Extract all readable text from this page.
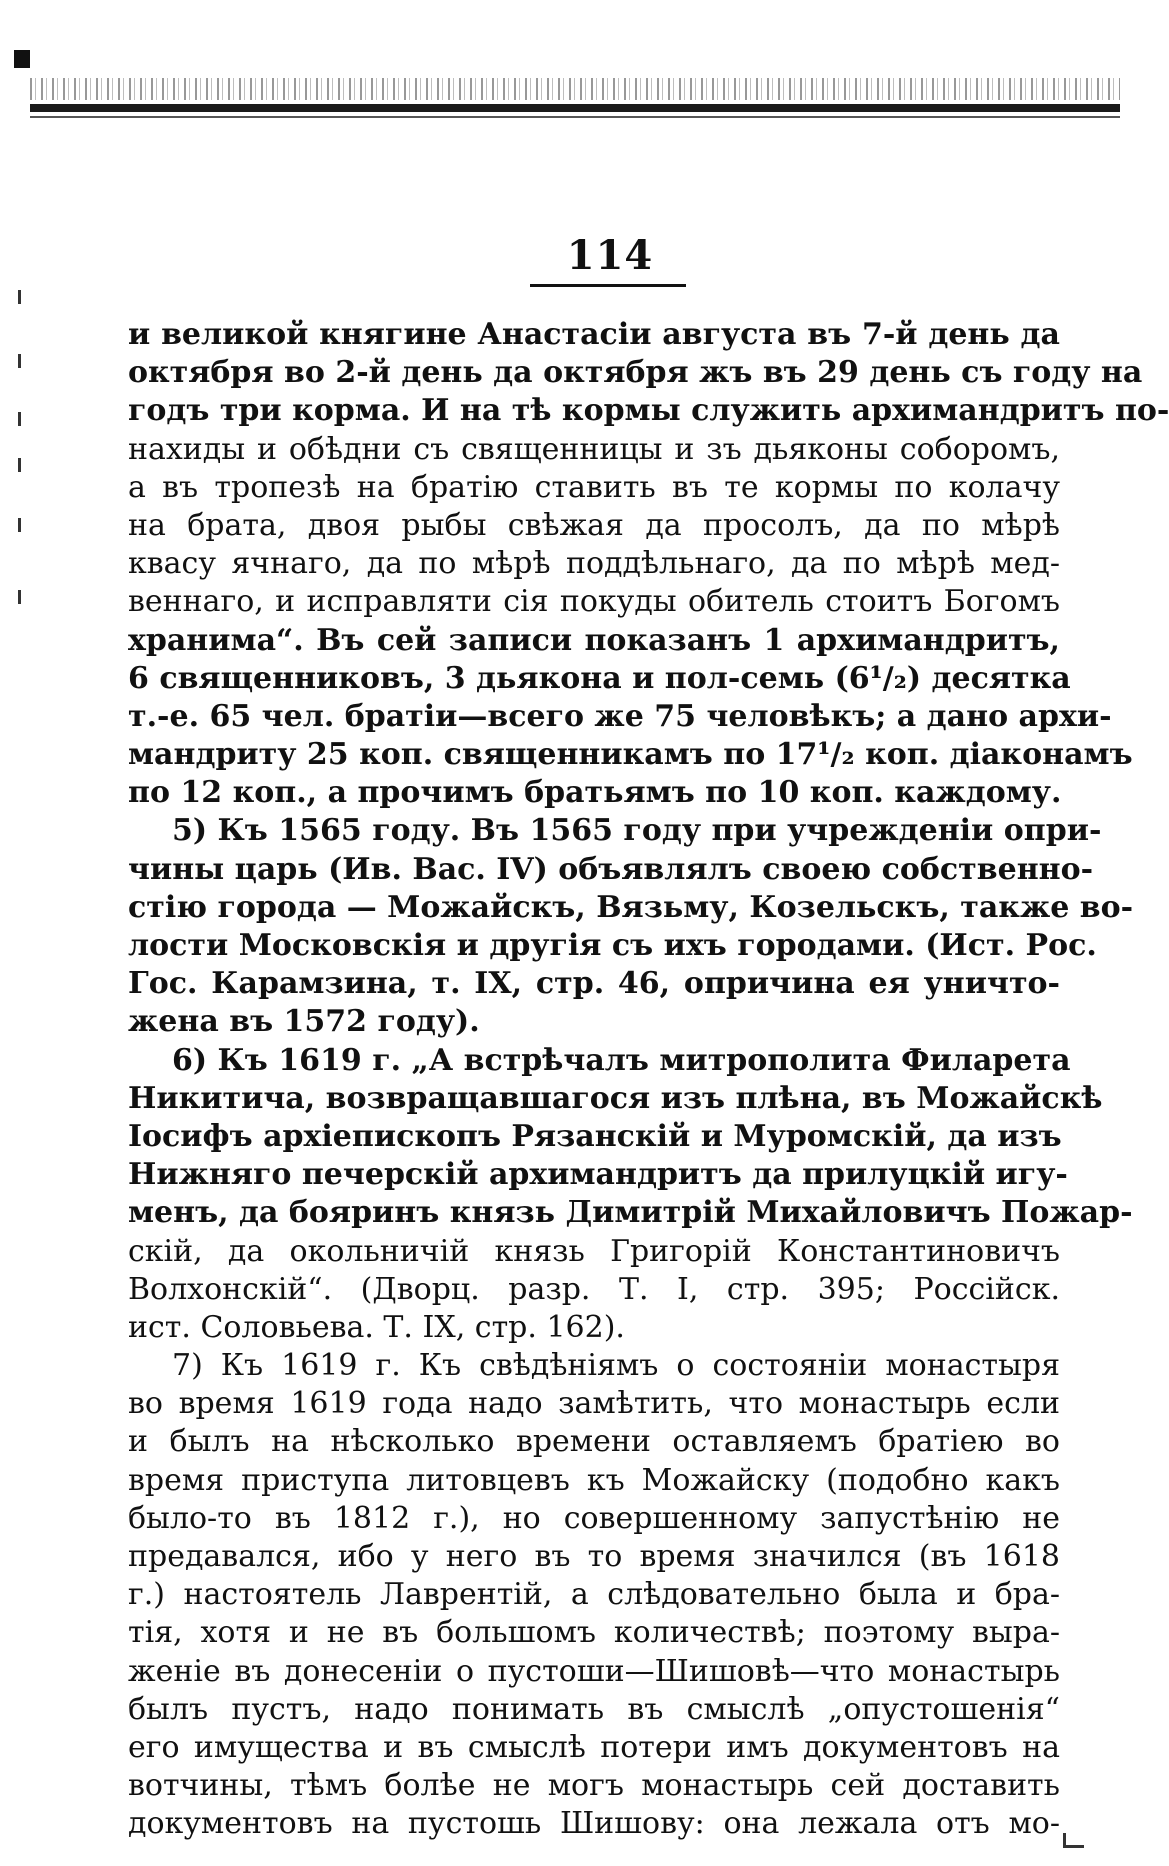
114
и великой княгине Анастасіи августа въ 7-й день да
октября во 2-й день да октября жъ въ 29 день съ году на
годъ три корма. И на тѣ кормы служить архимандритъ по-
нахиды и обѣдни съ священницы и зъ дьяконы соборомъ,
а въ тропезѣ на братію ставить въ те кормы по колачу
на брата, двоя рыбы свѣжая да просолъ, да по мѣрѣ
квасу ячнаго, да по мѣрѣ поддѣльнаго, да по мѣрѣ мед-
веннаго, и исправляти сія покуды обитель стоитъ Богомъ
хранима“. Въ сей записи показанъ 1 архимандритъ,
6 священниковъ, 3 дьякона и пол-семь (6¹/₂) десятка
т.-е. 65 чел. братіи—всего же 75 человѣкъ; а дано архи-
мандриту 25 коп. священникамъ по 17¹/₂ коп. діаконамъ
по 12 коп., а прочимъ братьямъ по 10 коп. каждому.
5) Къ 1565 году. Въ 1565 году при учрежденіи опри-
чины царь (Ив. Вас. IV) объявлялъ своею собственно-
стію города — Можайскъ, Вязьму, Козельскъ, также во-
лости Московскія и другія съ ихъ городами. (Ист. Рос.
Гос. Карамзина, т. IX, стр. 46, опричина ея уничто-
жена въ 1572 году).
6) Къ 1619 г. „А встрѣчалъ митрополита Филарета
Никитича, возвращавшагося изъ плѣна, въ Можайскѣ
Іосифъ архіепископъ Рязанскій и Муромскій, да изъ
Нижняго печерскій архимандритъ да прилуцкій игу-
менъ, да бояринъ князь Димитрій Михайловичъ Пожар-
скій, да окольничій князь Григорій Константиновичъ
Волхонскій“. (Дворц. разр. Т. I, стр. 395; Россійск.
ист. Соловьева. Т. IX, стр. 162).
7) Къ 1619 г. Къ свѣдѣніямъ о состояніи монастыря
во время 1619 года надо замѣтить, что монастырь если
и былъ на нѣсколько времени оставляемъ братіею во
время приступа литовцевъ къ Можайску (подобно какъ
было-то въ 1812 г.), но совершенному запустѣнію не
предавался, ибо у него въ то время значился (въ 1618
г.) настоятель Лаврентій, а слѣдовательно была и бра-
тія, хотя и не въ большомъ количествѣ; поэтому выра-
женіе въ донесеніи о пустоши—Шишовѣ—что монастырь
былъ пустъ, надо понимать въ смыслѣ „опустошенія“
его имущества и въ смыслѣ потери имъ документовъ на
вотчины, тѣмъ болѣе не могъ монастырь сей доставить
документовъ на пустошь Шишову: она лежала отъ мо-
